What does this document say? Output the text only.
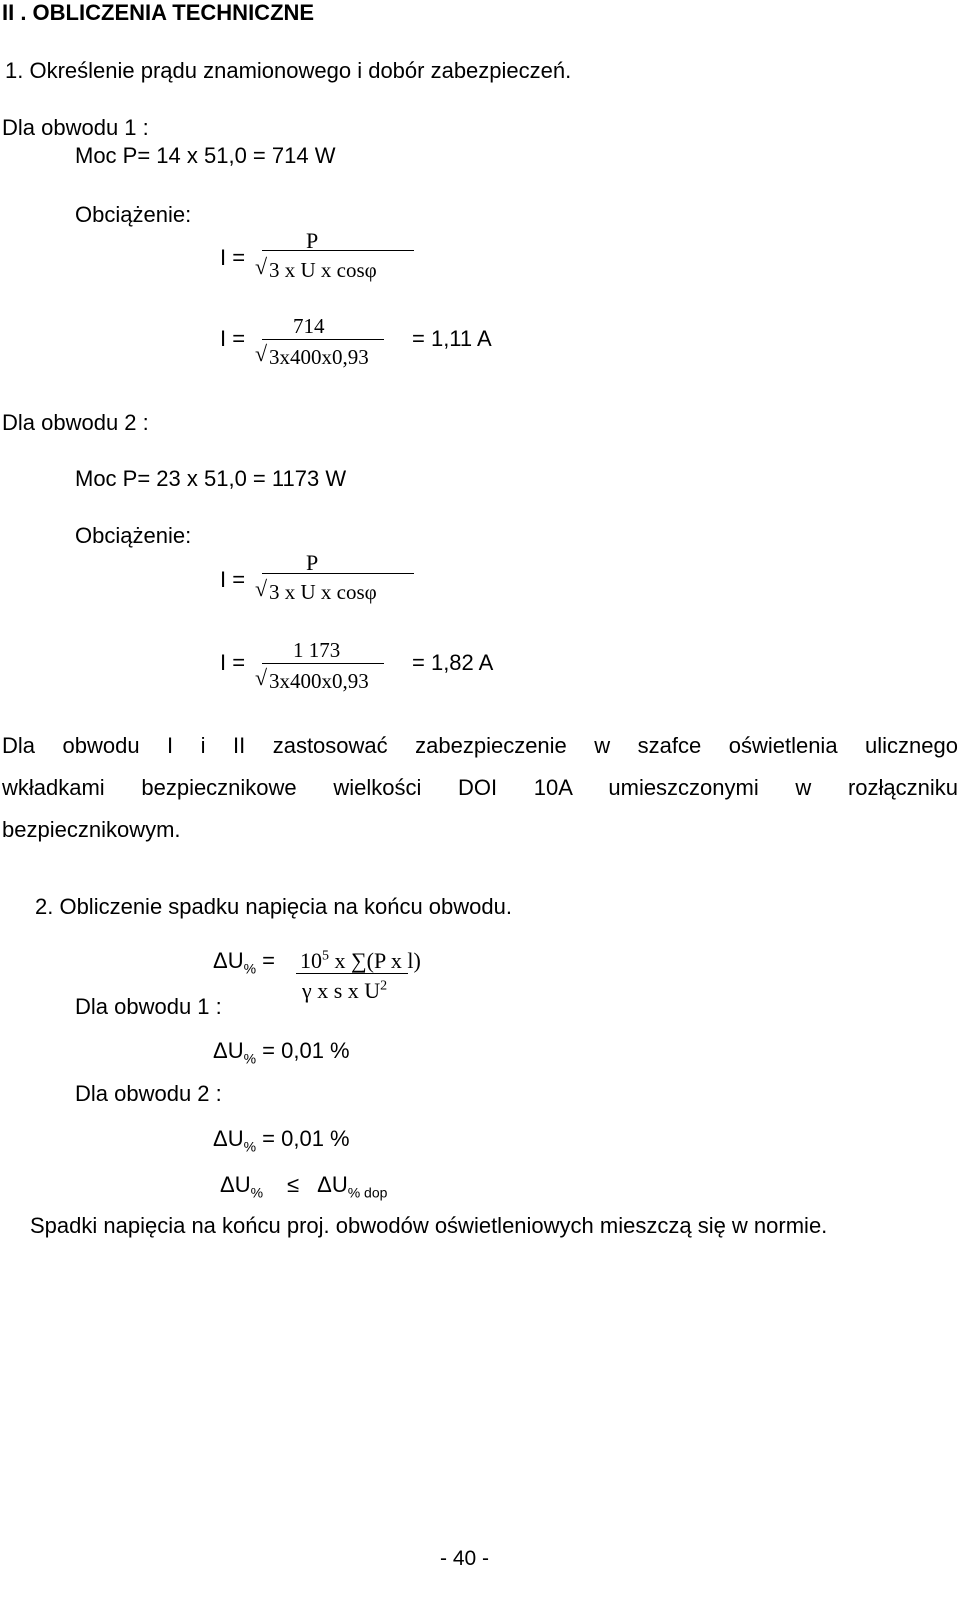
II . OBLICZENIA TECHNICZNE
1. Określenie prądu znamionowego i dobór zabezpieczeń.
Dla obwodu 1 :
Moc P= 14 x 51,0 = 714 W
Obciążenie:
I =
P
√ 3 x U x cosφ
I = 714
√ 3x400x0,93
= 1,11 A
Dla obwodu 2 :
Moc P= 23 x 51,0 = 1173 W
Obciążenie:
I =
P
√ 3 x U x cosφ
I = 1 173
√ 3x400x0,93
= 1,82 A
Dla obwodu I i II zastosować zabezpieczenie w szafce oświetlenia ulicznego
wkładkami bezpiecznikowe wielkości DOI 10A umieszczonymi w rozłączniku
bezpiecznikowym.
2. Obliczenie spadku napięcia na końcu obwodu.
$\Delta U_{\%} = 10^5$ x ∑(P x l)
γ x s x $U^2$
Dla obwodu 1 :
$\Delta U_{\%} = 0,01$ %
Dla obwodu 2 :
$\Delta U_{\%} = 0,01$ %
$\Delta U_{\%} \le \Delta U_{\% dop}$
Spadki napięcia na końcu proj. obwodów oświetleniowych mieszczą się w normie.
- 40 -
